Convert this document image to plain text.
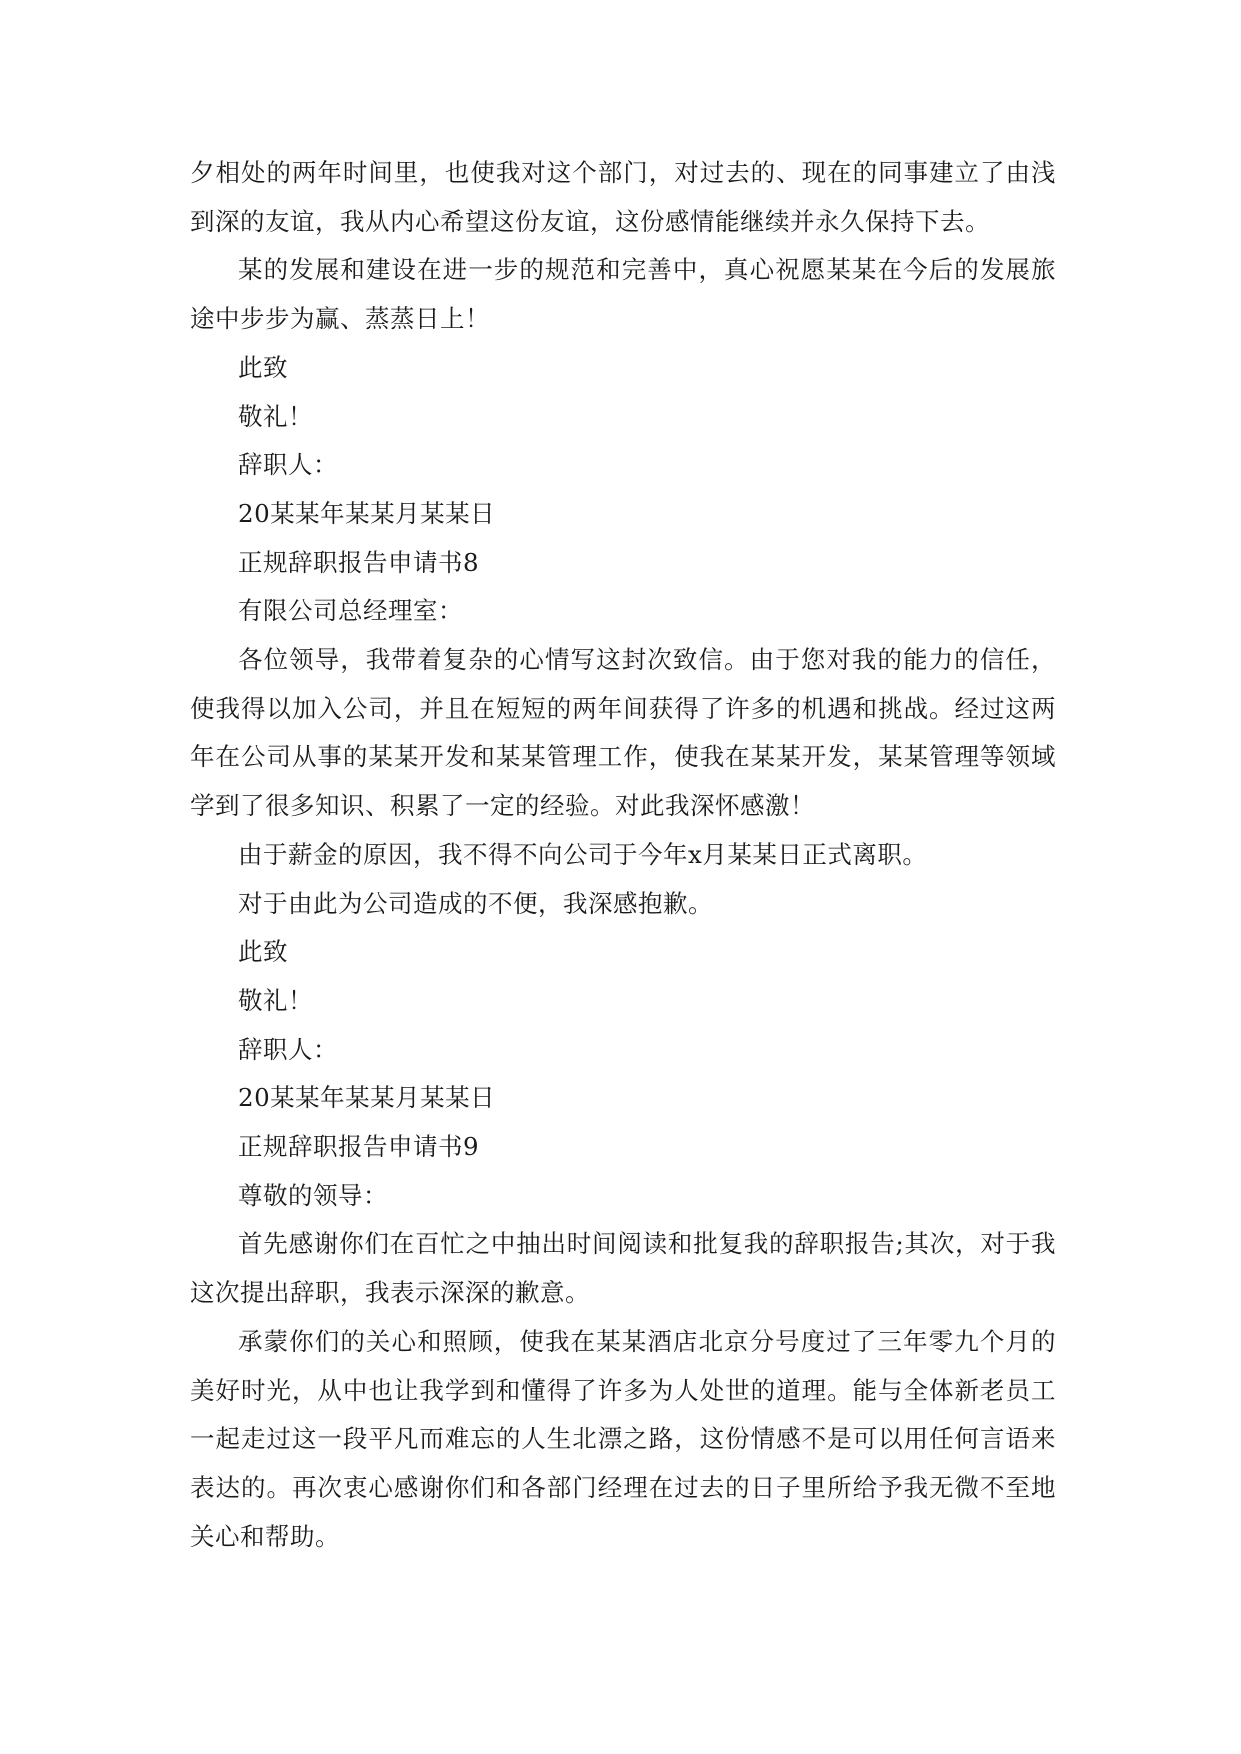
夕相处的两年时间里，也使我对这个部门，对过去的、现在的同事建立了由浅到深的友谊，我从内心希望这份友谊，这份感情能继续并永久保持下去。

某的发展和建设在进一步的规范和完善中，真心祝愿某某在今后的发展旅途中步步为赢、蒸蒸日上！

此致

敬礼！

辞职人：

20某某年某某月某某日

正规辞职报告申请书8

有限公司总经理室：

各位领导，我带着复杂的心情写这封次致信。由于您对我的能力的信任，使我得以加入公司，并且在短短的两年间获得了许多的机遇和挑战。经过这两年在公司从事的某某开发和某某管理工作，使我在某某开发，某某管理等领域学到了很多知识、积累了一定的经验。对此我深怀感激！

由于薪金的原因，我不得不向公司于今年x月某某日正式离职。

对于由此为公司造成的不便，我深感抱歉。

此致

敬礼！

辞职人：

20某某年某某月某某日

正规辞职报告申请书9

尊敬的领导：

首先感谢你们在百忙之中抽出时间阅读和批复我的辞职报告;其次，对于我这次提出辞职，我表示深深的歉意。

承蒙你们的关心和照顾，使我在某某酒店北京分号度过了三年零九个月的美好时光，从中也让我学到和懂得了许多为人处世的道理。能与全体新老员工一起走过这一段平凡而难忘的人生北漂之路，这份情感不是可以用任何言语来表达的。再次衷心感谢你们和各部门经理在过去的日子里所给予我无微不至地关心和帮助。
